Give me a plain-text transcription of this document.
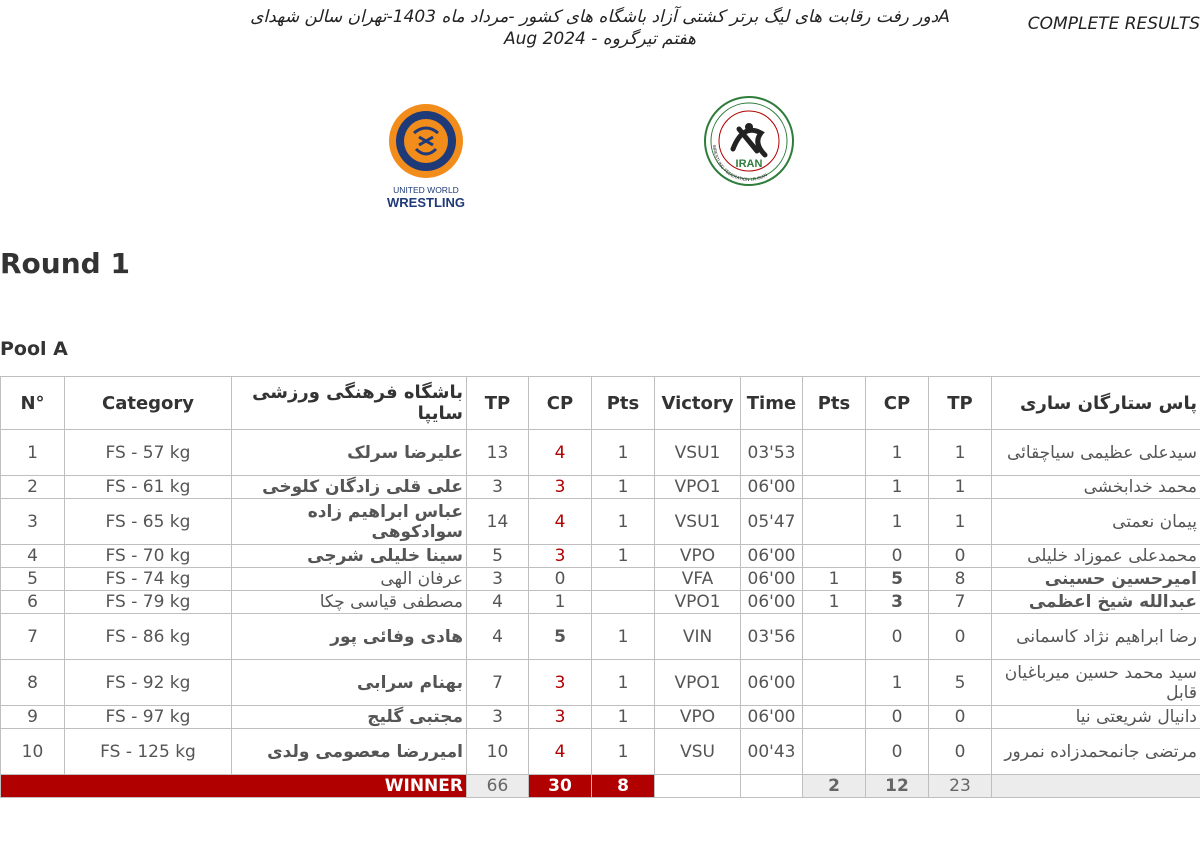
دور رفت رقابت های لیگ برتر کشتی آزاد باشگاه های کشور -مرداد ماه 1403-تهران سالن شهدایA
Aug 2024 - هفتم تیرگروه
COMPLETE RESULTS
UNITED WORLD
WRESTLING
IRAN
WRESTLING FEDERATION I.R.IRAN
Round 1
Pool A
N°	Category	باشگاه فرهنگی ورزشی سایپا	TP	CP	Pts	Victory	Time	Pts	CP	TP	پاس ستارگان ساری
1	FS - 57 kg	علیرضا سرلک	13	4	1	VSU1	03'53		1	1	سیدعلی عظیمی سیاچقائی
2	FS - 61 kg	علی قلی زادگان کلوخی	3	3	1	VPO1	06'00		1	1	محمد خدابخشی
3	FS - 65 kg	عباس ابراهیم زاده سوادکوهی	14	4	1	VSU1	05'47		1	1	پیمان نعمتی
4	FS - 70 kg	سینا خلیلی شرجی	5	3	1	VPO	06'00		0	0	محمدعلی عموزاد خلیلی
5	FS - 74 kg	عرفان الهی	3	0		VFA	06'00	1	5	8	امیرحسین حسینی
6	FS - 79 kg	مصطفی قیاسی چکا	4	1		VPO1	06'00	1	3	7	عبدالله شیخ اعظمی
7	FS - 86 kg	هادی وفائی پور	4	5	1	VIN	03'56		0	0	رضا ابراهیم نژاد کاسمانی
8	FS - 92 kg	بهنام سرابی	7	3	1	VPO1	06'00		1	5	سید محمد حسین میرباغیان قابل
9	FS - 97 kg	مجتبی گلیج	3	3	1	VPO	06'00		0	0	دانیال شریعتی نیا
10	FS - 125 kg	امیررضا معصومی ولدی	10	4	1	VSU	00'43		0	0	مرتضی جانمحمدزاده نمرور
WINNER			66	30	8			2	12	23	
